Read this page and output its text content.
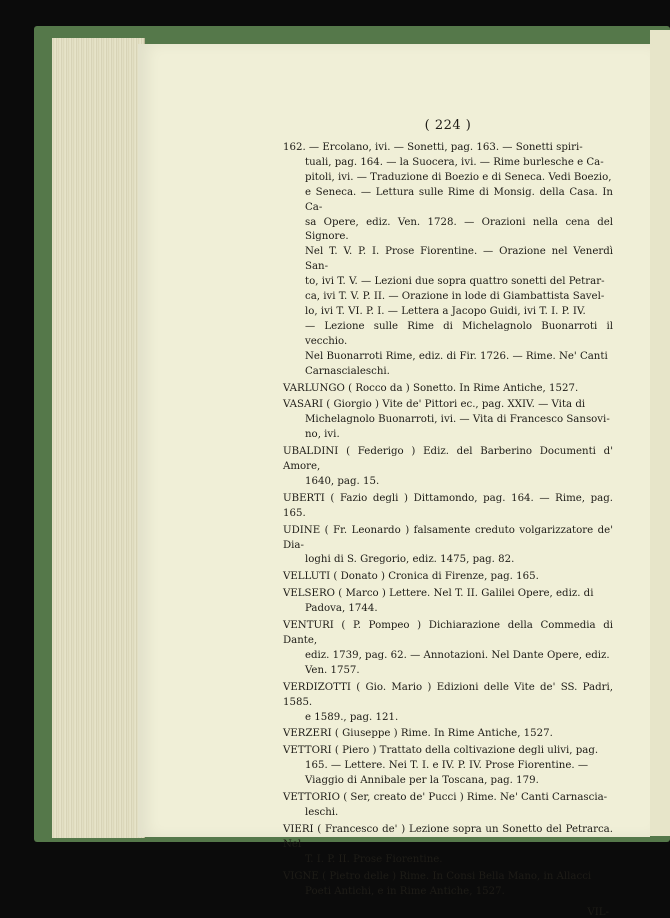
( 224 )
162. — Ercolano, ivi. — Sonetti, pag. 163. — Sonetti spiri-
tuali, pag. 164. — la Suocera, ivi. — Rime burlesche e Ca-
pitoli, ivi. — Traduzione di Boezio e di Seneca. Vedi Boezio,
e Seneca. — Lettura sulle Rime di Monsig. della Casa. In Ca-
sa Opere, ediz. Ven. 1728. — Orazioni nella cena del Signore.
Nel T. V. P. I. Prose Fiorentine. — Orazione nel Venerdì San-
to, ivi T. V. — Lezioni due sopra quattro sonetti del Petrar-
ca, ivi T. V. P. II. — Orazione in lode di Giambattista Savel-
lo, ivi T. VI. P. I. — Lettera a Jacopo Guidi, ivi T. I. P. IV.
— Lezione sulle Rime di Michelagnolo Buonarroti il vecchio.
Nel Buonarroti Rime, ediz. di Fir. 1726. — Rime. Ne' Canti
Carnascialeschi.
VARLUNGO ( Rocco da ) Sonetto. In Rime Antiche, 1527.
VASARI ( Giorgio ) Vite de' Pittori ec., pag. XXIV. — Vita di
Michelagnolo Buonarroti, ivi. — Vita di Francesco Sansovi-
no, ivi.
UBALDINI ( Federigo ) Ediz. del Barberino Documenti d' Amore,
1640, pag. 15.
UBERTI ( Fazio degli ) Dittamondo, pag. 164. — Rime, pag. 165.
UDINE ( Fr. Leonardo ) falsamente creduto volgarizzatore de' Dia-
loghi di S. Gregorio, ediz. 1475, pag. 82.
VELLUTI ( Donato ) Cronica di Firenze, pag. 165.
VELSERO ( Marco ) Lettere. Nel T. II. Galilei Opere, ediz. di
Padova, 1744.
VENTURI ( P. Pompeo ) Dichiarazione della Commedia di Dante,
ediz. 1739, pag. 62. — Annotazioni. Nel Dante Opere, ediz.
Ven. 1757.
VERDIZOTTI ( Gio. Mario ) Edizioni delle Vite de' SS. Padri, 1585.
e 1589., pag. 121.
VERZERI ( Giuseppe ) Rime. In Rime Antiche, 1527.
VETTORI ( Piero ) Trattato della coltivazione degli ulivi, pag.
165. — Lettere. Nei T. I. e IV. P. IV. Prose Fiorentine. —
Viaggio di Annibale per la Toscana, pag. 179.
VETTORIO ( Ser, creato de' Pucci ) Rime. Ne' Canti Carnascia-
leschi.
VIERI ( Francesco de' ) Lezione sopra un Sonetto del Petrarca. Nel
T. I. P. II. Prose Fiorentine.
VIGNE ( Pietro delle ) Rime. In Consi Bella Mano, in Allacci
Poeti Antichi, e in Rime Antiche, 1527.
VIL-
